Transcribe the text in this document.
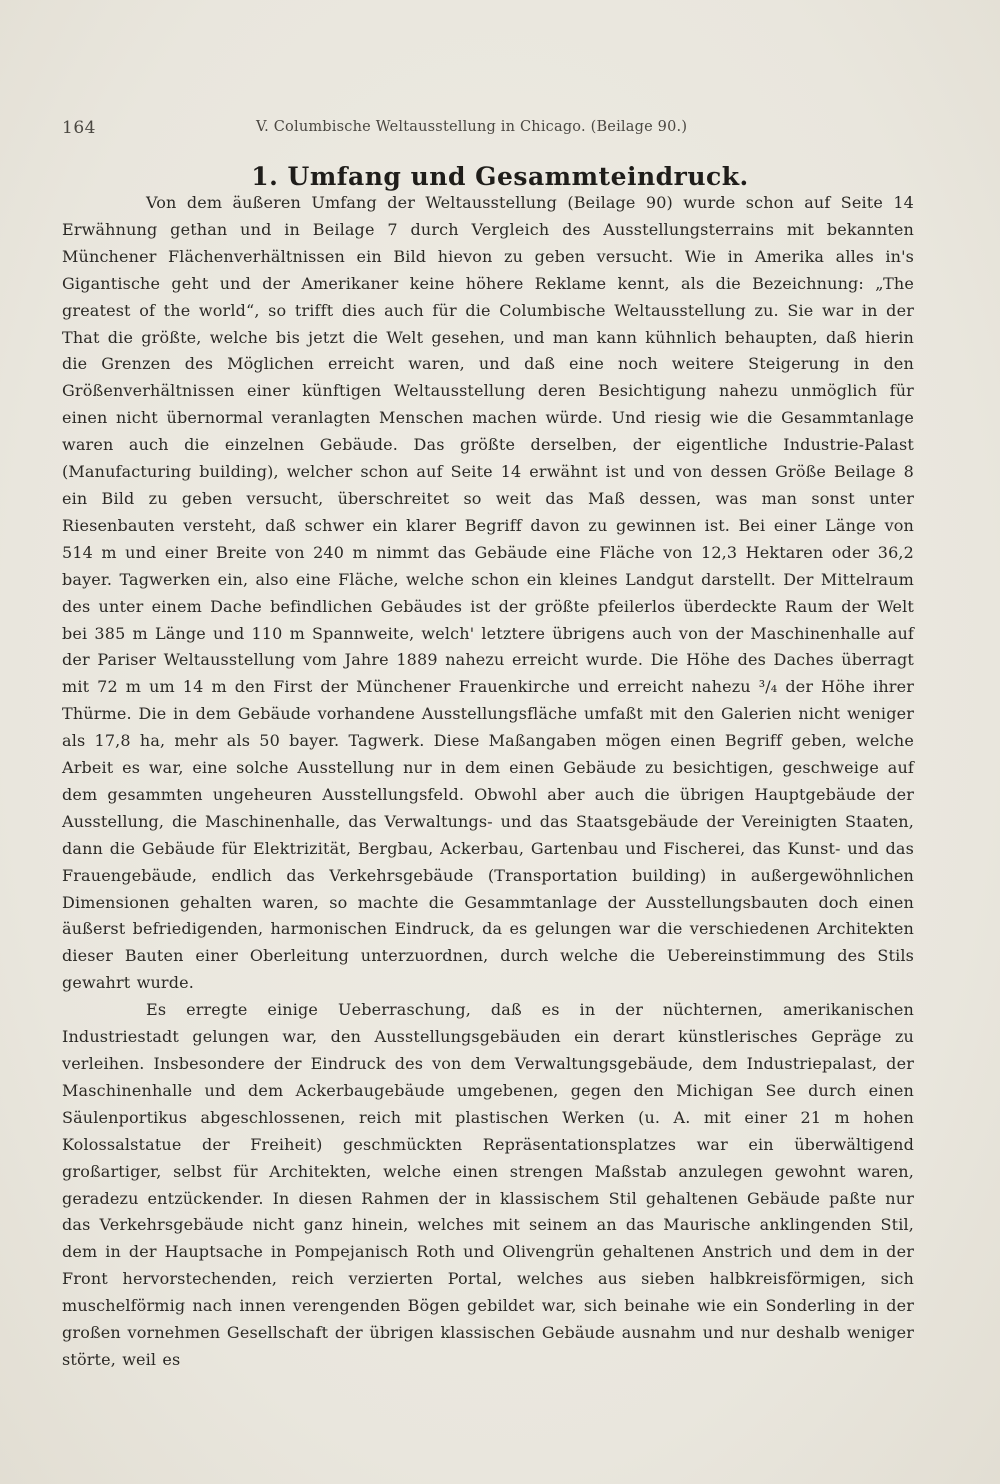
164	V. Columbische Weltausstellung in Chicago. (Beilage 90.)
1. Umfang und Gesammteindruck.

Von dem äußeren Umfang der Weltausstellung (Beilage 90) wurde schon auf Seite 14 Erwähnung gethan und in Beilage 7 durch Vergleich des Ausstellungsterrains mit bekannten Münchener Flächenverhältnissen ein Bild hievon zu geben versucht. Wie in Amerika alles in's Gigantische geht und der Amerikaner keine höhere Reklame kennt, als die Bezeichnung: „The greatest of the world“, so trifft dies auch für die Columbische Weltausstellung zu. Sie war in der That die größte, welche bis jetzt die Welt gesehen, und man kann kühnlich behaupten, daß hierin die Grenzen des Möglichen erreicht waren, und daß eine noch weitere Steigerung in den Größenverhältnissen einer künftigen Weltausstellung deren Besichtigung nahezu unmöglich für einen nicht übernormal veranlagten Menschen machen würde. Und riesig wie die Gesammtanlage waren auch die einzelnen Gebäude. Das größte derselben, der eigentliche Industrie-Palast (Manufacturing building), welcher schon auf Seite 14 erwähnt ist und von dessen Größe Beilage 8 ein Bild zu geben versucht, überschreitet so weit das Maß dessen, was man sonst unter Riesenbauten versteht, daß schwer ein klarer Begriff davon zu gewinnen ist. Bei einer Länge von 514 m und einer Breite von 240 m nimmt das Gebäude eine Fläche von 12,3 Hektaren oder 36,2 bayer. Tagwerken ein, also eine Fläche, welche schon ein kleines Landgut darstellt. Der Mittelraum des unter einem Dache befindlichen Gebäudes ist der größte pfeilerlos überdeckte Raum der Welt bei 385 m Länge und 110 m Spannweite, welch' letztere übrigens auch von der Maschinenhalle auf der Pariser Weltausstellung vom Jahre 1889 nahezu erreicht wurde. Die Höhe des Daches überragt mit 72 m um 14 m den First der Münchener Frauenkirche und erreicht nahezu ³/₄ der Höhe ihrer Thürme. Die in dem Gebäude vorhandene Ausstellungsfläche umfaßt mit den Galerien nicht weniger als 17,8 ha, mehr als 50 bayer. Tagwerk. Diese Maßangaben mögen einen Begriff geben, welche Arbeit es war, eine solche Ausstellung nur in dem einen Gebäude zu besichtigen, geschweige auf dem gesammten ungeheuren Ausstellungsfeld. Obwohl aber auch die übrigen Hauptgebäude der Ausstellung, die Maschinenhalle, das Verwaltungs- und das Staatsgebäude der Vereinigten Staaten, dann die Gebäude für Elektrizität, Bergbau, Ackerbau, Gartenbau und Fischerei, das Kunst- und das Frauengebäude, endlich das Verkehrsgebäude (Transportation building) in außergewöhnlichen Dimensionen gehalten waren, so machte die Gesammtanlage der Ausstellungsbauten doch einen äußerst befriedigenden, harmonischen Eindruck, da es gelungen war die verschiedenen Architekten dieser Bauten einer Oberleitung unterzuordnen, durch welche die Uebereinstimmung des Stils gewahrt wurde.

Es erregte einige Ueberraschung, daß es in der nüchternen, amerikanischen Industriestadt gelungen war, den Ausstellungsgebäuden ein derart künstlerisches Gepräge zu verleihen. Insbesondere der Eindruck des von dem Verwaltungsgebäude, dem Industriepalast, der Maschinenhalle und dem Ackerbaugebäude umgebenen, gegen den Michigan See durch einen Säulenportikus abgeschlossenen, reich mit plastischen Werken (u. A. mit einer 21 m hohen Kolossalstatue der Freiheit) geschmückten Repräsentationsplatzes war ein überwältigend großartiger, selbst für Architekten, welche einen strengen Maßstab anzulegen gewohnt waren, geradezu entzückender. In diesen Rahmen der in klassischem Stil gehaltenen Gebäude paßte nur das Verkehrsgebäude nicht ganz hinein, welches mit seinem an das Maurische anklingenden Stil, dem in der Hauptsache in Pompejanisch Roth und Olivengrün gehaltenen Anstrich und dem in der Front hervorstechenden, reich verzierten Portal, welches aus sieben halbkreisförmigen, sich muschelförmig nach innen verengenden Bögen gebildet war, sich beinahe wie ein Sonderling in der großen vornehmen Gesellschaft der übrigen klassischen Gebäude ausnahm und nur deshalb weniger störte, weil es
